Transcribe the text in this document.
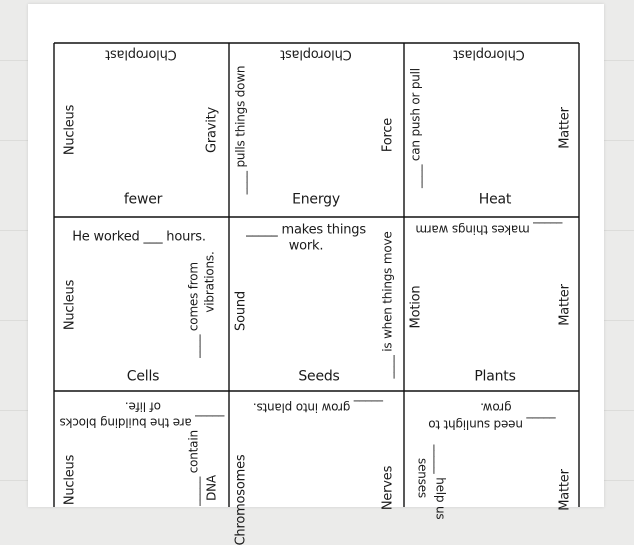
Chloroplast
Nucleus	Gravity
fewer
Chloroplast
____ pulls things down	Force
Energy
Chloroplast
____ can push or pull	Matter
Heat
He worked ___ hours.
Nucleus	____ comes from vibrations.
Cells
_____ makes things
work.
Sound	____ is when things move
Seeds
_____ makes things warm
Motion	Matter
Plants
_____ are the building blocks
of life.
Nucleus	_____ contain DNA
_____ grow into plants.
Chromosomes	Nerves
_____ need sunlight to
grow.
_____ help us
senses	Matter
